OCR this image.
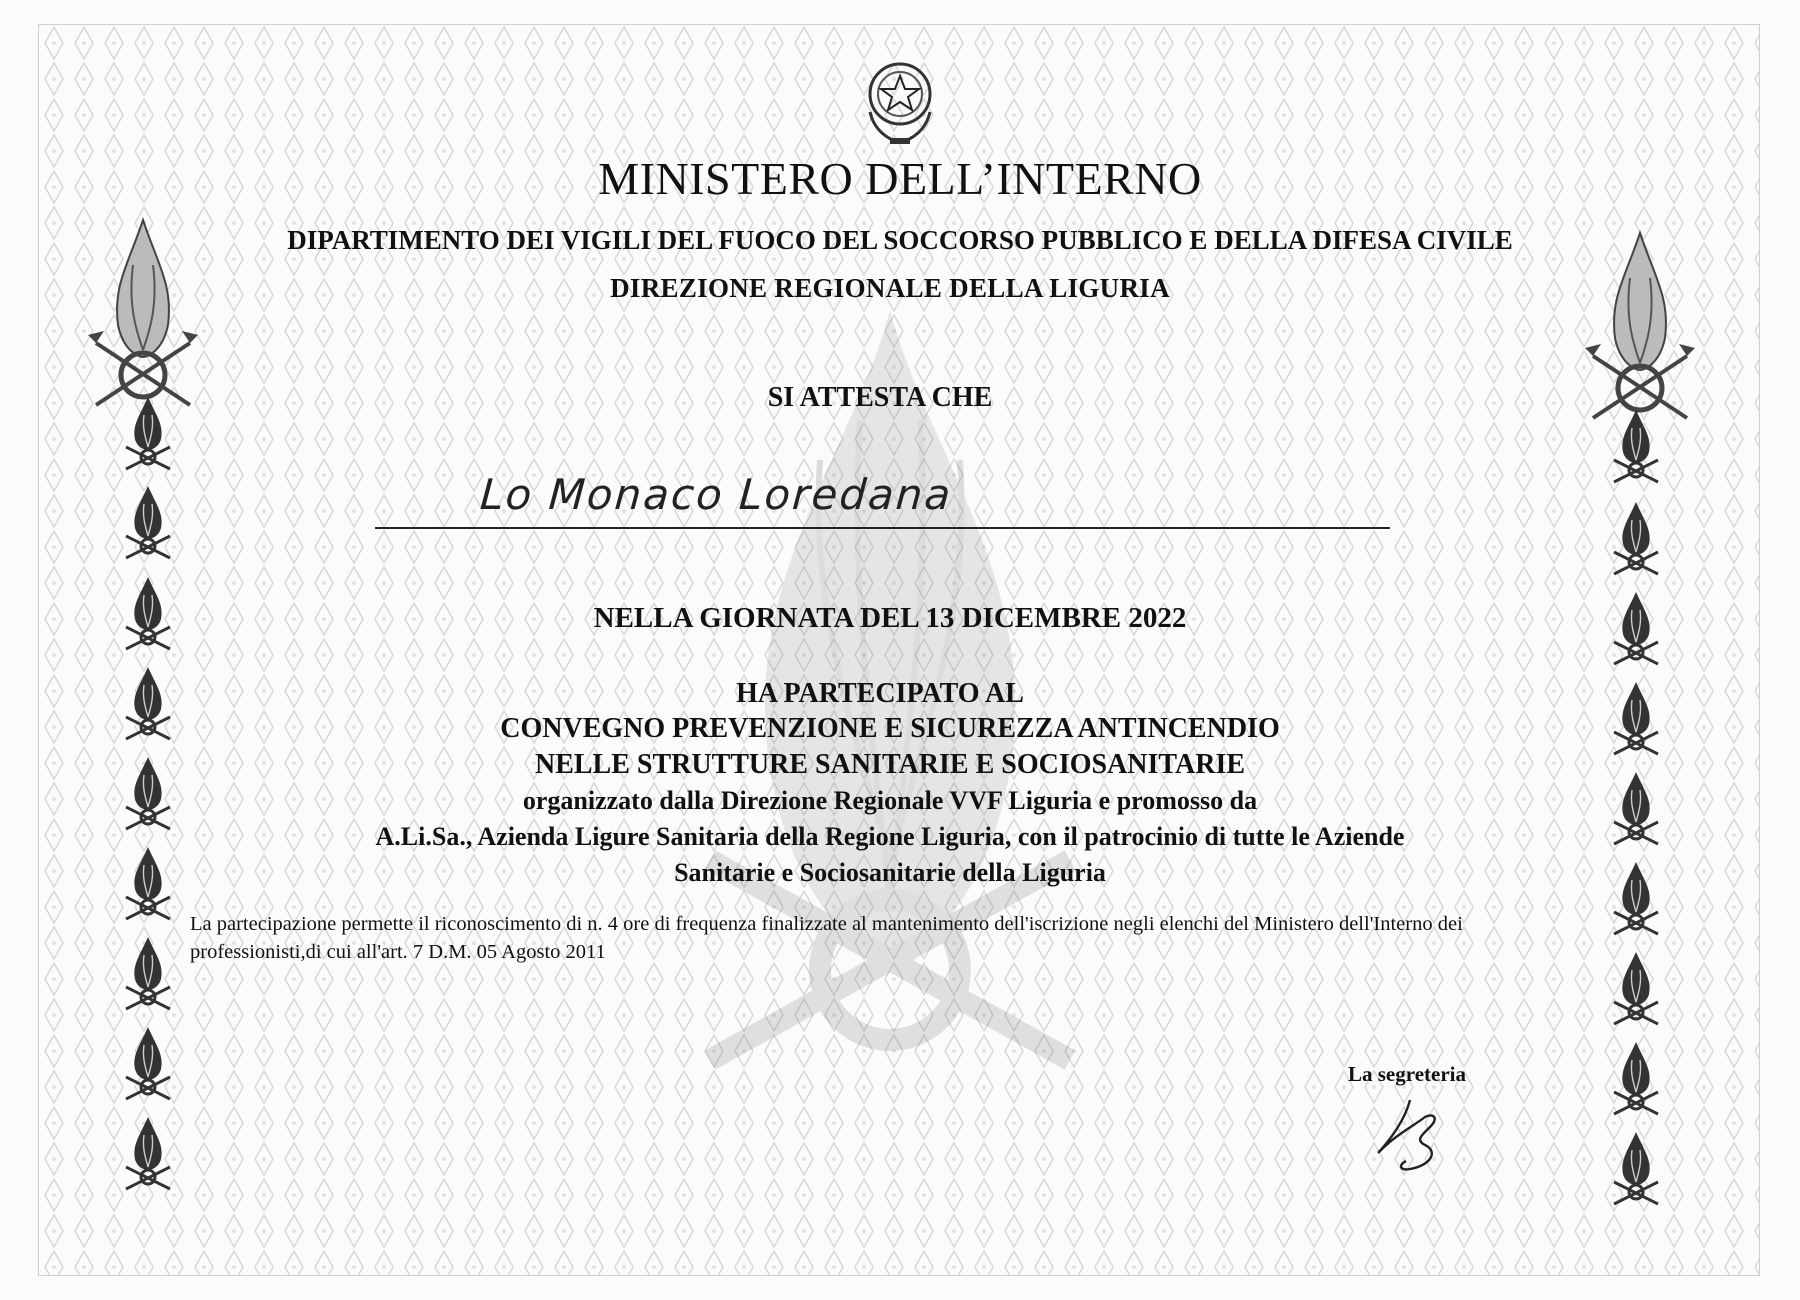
MINISTERO DELL’INTERNO
DIPARTIMENTO DEI VIGILI DEL FUOCO DEL SOCCORSO PUBBLICO E DELLA DIFESA CIVILE
DIREZIONE REGIONALE DELLA LIGURIA
SI ATTESTA CHE
Lo Monaco Loredana
NELLA GIORNATA DEL 13 DICEMBRE 2022
HA PARTECIPATO AL
CONVEGNO PREVENZIONE E SICUREZZA ANTINCENDIO
NELLE STRUTTURE SANITARIE E SOCIOSANITARIE
organizzato dalla Direzione Regionale VVF Liguria e promosso da
A.Li.Sa., Azienda Ligure Sanitaria della Regione Liguria, con il patrocinio di tutte le Aziende
Sanitarie e Sociosanitarie della Liguria
La partecipazione permette il riconoscimento di n. 4 ore di frequenza finalizzate al mantenimento dell'iscrizione negli elenchi del Ministero dell'Interno dei professionisti,di cui all'art. 7 D.M. 05 Agosto 2011
La segreteria
